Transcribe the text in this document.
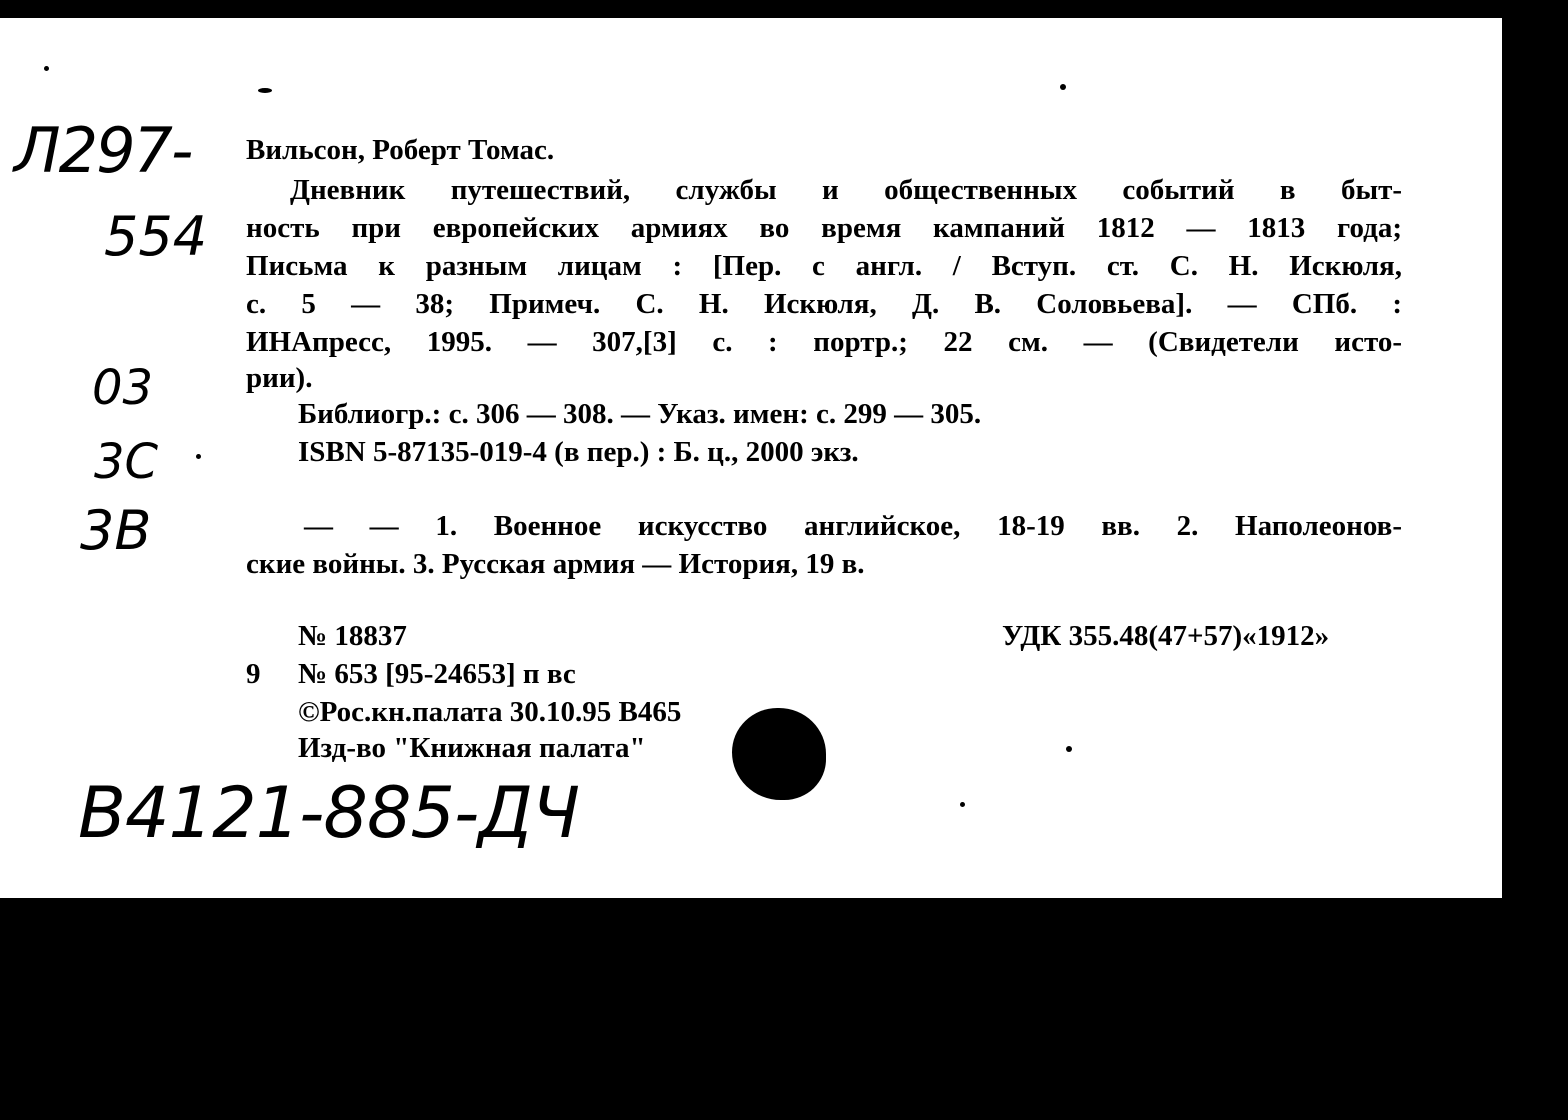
Л297-
554
03
3С
3В
В4121-885-ДЧ
Вильсон, Роберт Томас.
Дневник путешествий, службы и общественных событий в быт-
ность при европейских армиях во время кампаний 1812 — 1813 года;
Письма к разным лицам : [Пер. с англ. / Вступ. ст. С. Н. Искюля,
с. 5 — 38; Примеч. С. Н. Искюля, Д. В. Соловьева]. — СПб. :
ИНАпресс, 1995. — 307,[3] с. : портр.; 22 см. — (Свидетели исто-
рии).
Библиогр.: с. 306 — 308. — Указ. имен: с. 299 — 305.
ISBN 5-87135-019-4 (в пер.) : Б. ц., 2000 экз.
— — 1. Военное искусство английское, 18-19 вв. 2. Наполеонов-
ские войны. 3. Русская армия — История, 19 в.
№ 18837	УДК 355.48(47+57)«1912»
9 № 653 [95-24653] п вс
©Рос.кн.палата 30.10.95 В465
Изд-во "Книжная палата"
